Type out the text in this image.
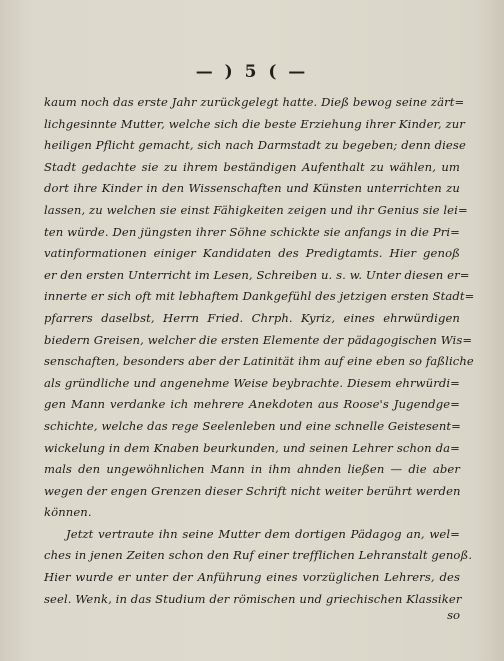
— ) 5 ( —
kaum noch das erste Jahr zurückgelegt hatte. Dieß bewog seine zärt=
lichgesinnte Mutter, welche sich die beste Erziehung ihrer Kinder, zur
heiligen Pflicht gemacht, sich nach Darmstadt zu begeben; denn diese
Stadt gedachte sie zu ihrem beständigen Aufenthalt zu wählen, um
dort ihre Kinder in den Wissenschaften und Künsten unterrichten zu
lassen, zu welchen sie einst Fähigkeiten zeigen und ihr Genius sie lei=
ten würde. Den jüngsten ihrer Söhne schickte sie anfangs in die Pri=
vatinformationen einiger Kandidaten des Predigtamts. Hier genoß
er den ersten Unterricht im Lesen, Schreiben u. s. w. Unter diesen er=
innerte er sich oft mit lebhaftem Dankgefühl des jetzigen ersten Stadt=
pfarrers daselbst, Herrn Fried. Chrph. Kyriz, eines ehrwürdigen
biedern Greisen, welcher die ersten Elemente der pädagogischen Wis=
senschaften, besonders aber der Latinität ihm auf eine eben so faßliche
als gründliche und angenehme Weise beybrachte. Diesem ehrwürdi=
gen Mann verdanke ich mehrere Anekdoten aus Roose's Jugendge=
schichte, welche das rege Seelenleben und eine schnelle Geistesent=
wickelung in dem Knaben beurkunden, und seinen Lehrer schon da=
mals den ungewöhnlichen Mann in ihm ahnden ließen — die aber
wegen der engen Grenzen dieser Schrift nicht weiter berührt werden
können.
Jetzt vertraute ihn seine Mutter dem dortigen Pädagog an, wel=
ches in jenen Zeiten schon den Ruf einer trefflichen Lehranstalt genoß.
Hier wurde er unter der Anführung eines vorzüglichen Lehrers, des
seel. Wenk, in das Studium der römischen und griechischen Klassiker
so
